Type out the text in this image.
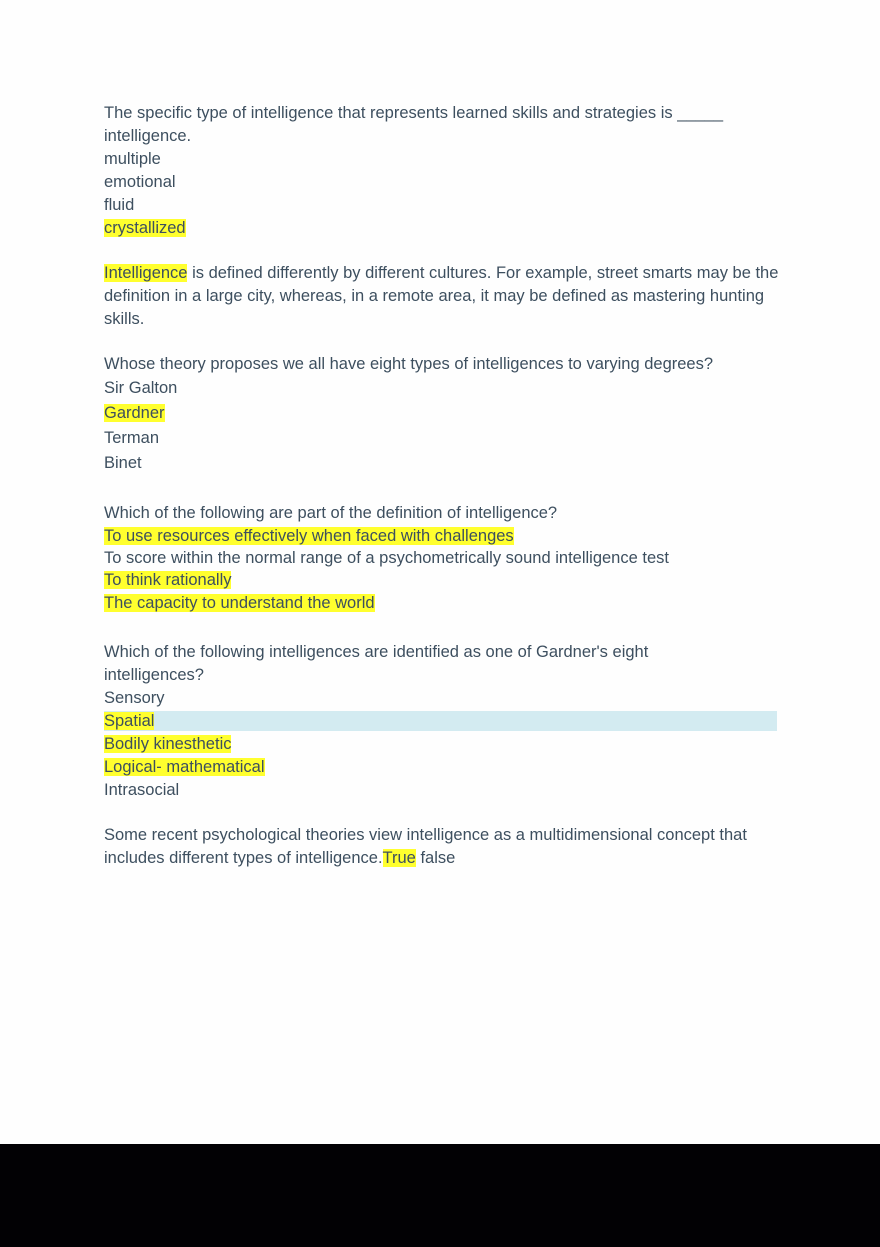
The specific type of intelligence that represents learned skills and strategies is _____ intelligence.

multiple

emotional

fluid

crystallized

Intelligence is defined differently by different cultures. For example, street smarts may be the definition in a large city, whereas, in a remote area, it may be defined as mastering hunting skills.

Whose theory proposes we all have eight types of intelligences to varying degrees?

Sir Galton

Gardner

Terman

Binet

Which of the following are part of the definition of intelligence?

To use resources effectively when faced with challenges

To score within the normal range of a psychometrically sound intelligence test

To think rationally

The capacity to understand the world

Which of the following intelligences are identified as one of Gardner's eight intelligences?

Sensory

Spatial

Bodily kinesthetic

Logical- mathematical

Intrasocial

Some recent psychological theories view intelligence as a multidimensional concept that includes different types of intelligence.True false
